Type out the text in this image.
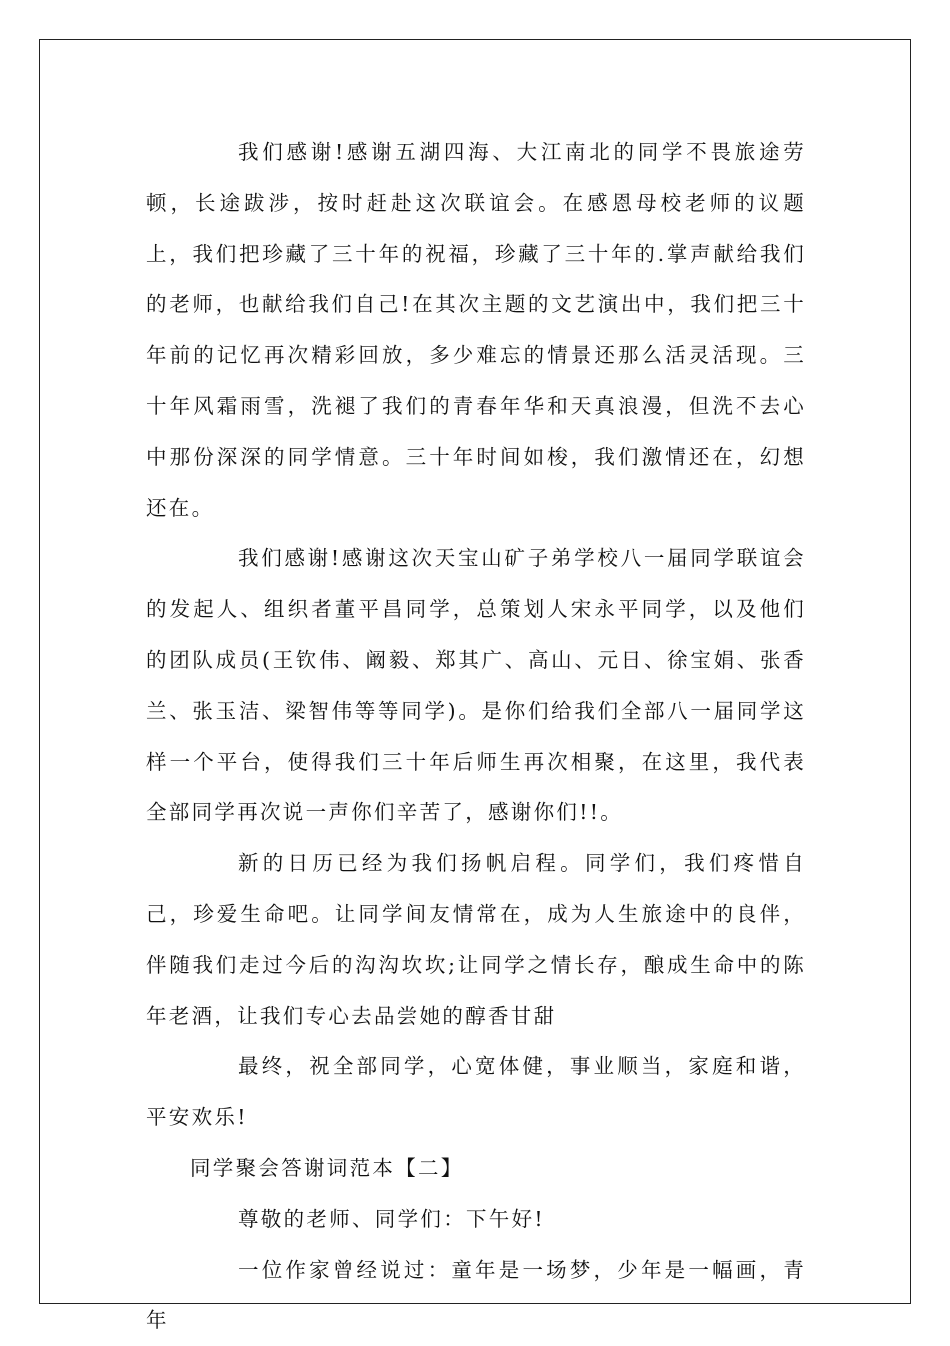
我们感谢!感谢五湖四海、大江南北的同学不畏旅途劳顿，长途跋涉，按时赶赴这次联谊会。在感恩母校老师的议题上，我们把珍藏了三十年的祝福，珍藏了三十年的.掌声献给我们的老师，也献给我们自己!在其次主题的文艺演出中，我们把三十年前的记忆再次精彩回放，多少难忘的情景还那么活灵活现。三十年风霜雨雪，洗褪了我们的青春年华和天真浪漫，但洗不去心中那份深深的同学情意。三十年时间如梭，我们激情还在，幻想还在。

我们感谢!感谢这次天宝山矿子弟学校八一届同学联谊会的发起人、组织者董平昌同学，总策划人宋永平同学，以及他们的团队成员(王钦伟、阚毅、郑其广、高山、元日、徐宝娟、张香兰、张玉洁、梁智伟等等同学)。是你们给我们全部八一届同学这样一个平台，使得我们三十年后师生再次相聚，在这里，我代表全部同学再次说一声你们辛苦了，感谢你们!!。

新的日历已经为我们扬帆启程。同学们，我们疼惜自己，珍爱生命吧。让同学间友情常在，成为人生旅途中的良伴，伴随我们走过今后的沟沟坎坎;让同学之情长存，酿成生命中的陈年老酒，让我们专心去品尝她的醇香甘甜

最终，祝全部同学，心宽体健，事业顺当，家庭和谐，平安欢乐!

同学聚会答谢词范本【二】

尊敬的老师、同学们：下午好!

一位作家曾经说过：童年是一场梦，少年是一幅画，青年
